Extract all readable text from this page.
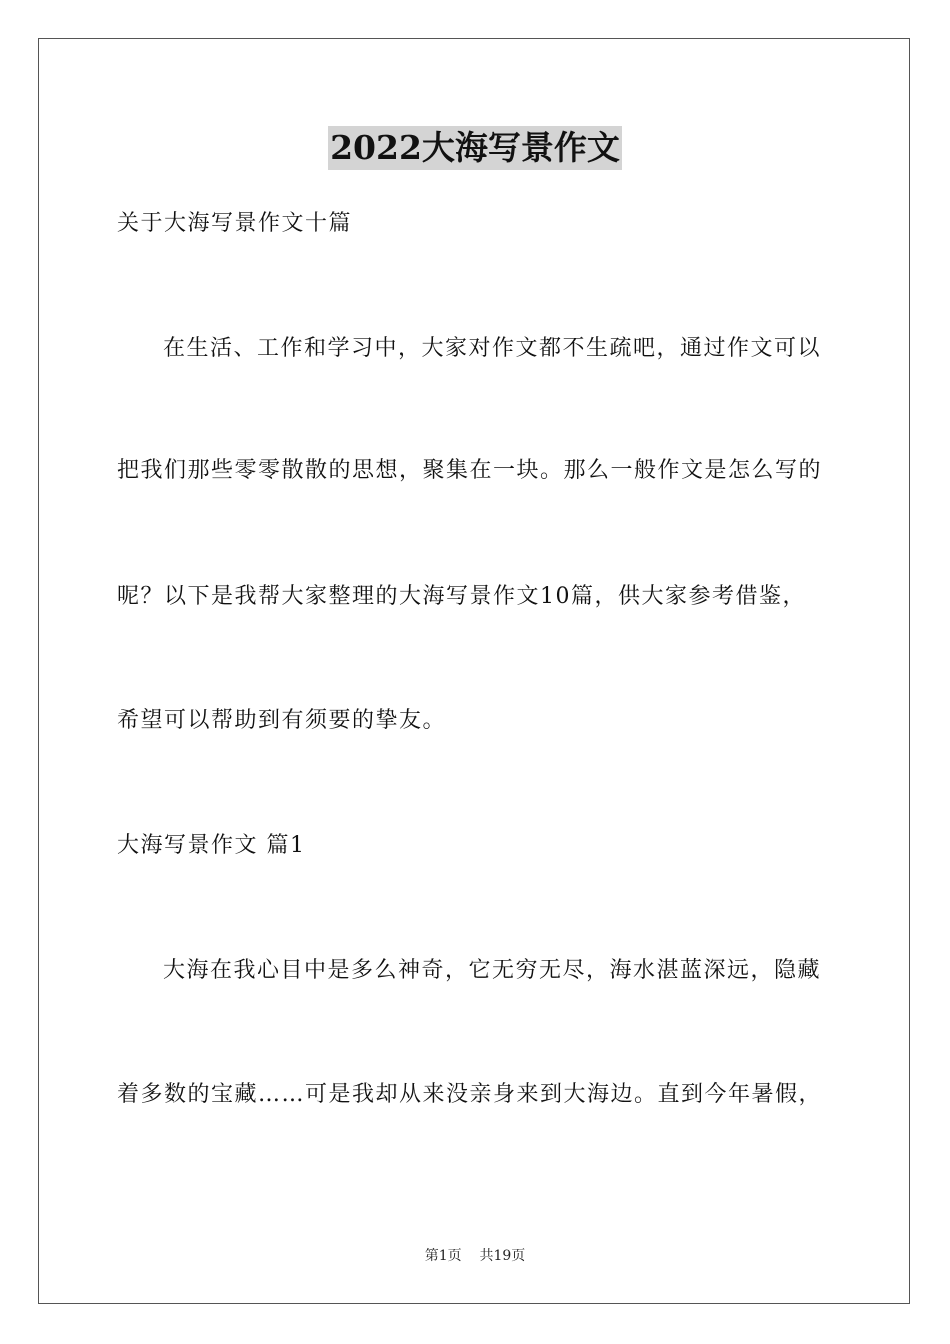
2022大海写景作文
关于大海写景作文十篇
在生活、工作和学习中，大家对作文都不生疏吧，通过作文可以
把我们那些零零散散的思想，聚集在一块。那么一般作文是怎么写的
呢？以下是我帮大家整理的大海写景作文10篇，供大家参考借鉴，
希望可以帮助到有须要的挚友。
大海写景作文 篇1
大海在我心目中是多么神奇，它无穷无尽，海水湛蓝深远，隐藏
着多数的宝藏……可是我却从来没亲身来到大海边。直到今年暑假，
第1页 共19页
